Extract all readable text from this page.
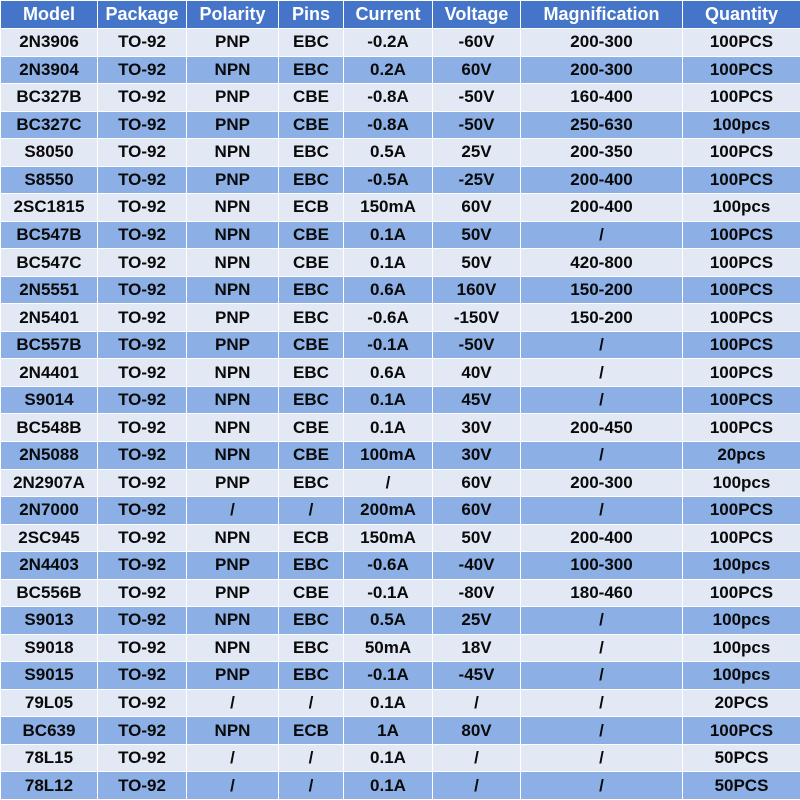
Model	Package	Polarity	Pins	Current	Voltage	Magnification	Quantity
2N3906	TO-92	PNP	EBC	-0.2A	-60V	200-300	100PCS
2N3904	TO-92	NPN	EBC	0.2A	60V	200-300	100PCS
BC327B	TO-92	PNP	CBE	-0.8A	-50V	160-400	100PCS
BC327C	TO-92	PNP	CBE	-0.8A	-50V	250-630	100pcs
S8050	TO-92	NPN	EBC	0.5A	25V	200-350	100PCS
S8550	TO-92	PNP	EBC	-0.5A	-25V	200-400	100PCS
2SC1815	TO-92	NPN	ECB	150mA	60V	200-400	100pcs
BC547B	TO-92	NPN	CBE	0.1A	50V	/	100PCS
BC547C	TO-92	NPN	CBE	0.1A	50V	420-800	100PCS
2N5551	TO-92	NPN	EBC	0.6A	160V	150-200	100PCS
2N5401	TO-92	PNP	EBC	-0.6A	-150V	150-200	100PCS
BC557B	TO-92	PNP	CBE	-0.1A	-50V	/	100PCS
2N4401	TO-92	NPN	EBC	0.6A	40V	/	100PCS
S9014	TO-92	NPN	EBC	0.1A	45V	/	100PCS
BC548B	TO-92	NPN	CBE	0.1A	30V	200-450	100PCS
2N5088	TO-92	NPN	CBE	100mA	30V	/	20pcs
2N2907A	TO-92	PNP	EBC	/	60V	200-300	100pcs
2N7000	TO-92	/	/	200mA	60V	/	100PCS
2SC945	TO-92	NPN	ECB	150mA	50V	200-400	100PCS
2N4403	TO-92	PNP	EBC	-0.6A	-40V	100-300	100pcs
BC556B	TO-92	PNP	CBE	-0.1A	-80V	180-460	100PCS
S9013	TO-92	NPN	EBC	0.5A	25V	/	100pcs
S9018	TO-92	NPN	EBC	50mA	18V	/	100pcs
S9015	TO-92	PNP	EBC	-0.1A	-45V	/	100pcs
79L05	TO-92	/	/	0.1A	/	/	20PCS
BC639	TO-92	NPN	ECB	1A	80V	/	100PCS
78L15	TO-92	/	/	0.1A	/	/	50PCS
78L12	TO-92	/	/	0.1A	/	/	50PCS
